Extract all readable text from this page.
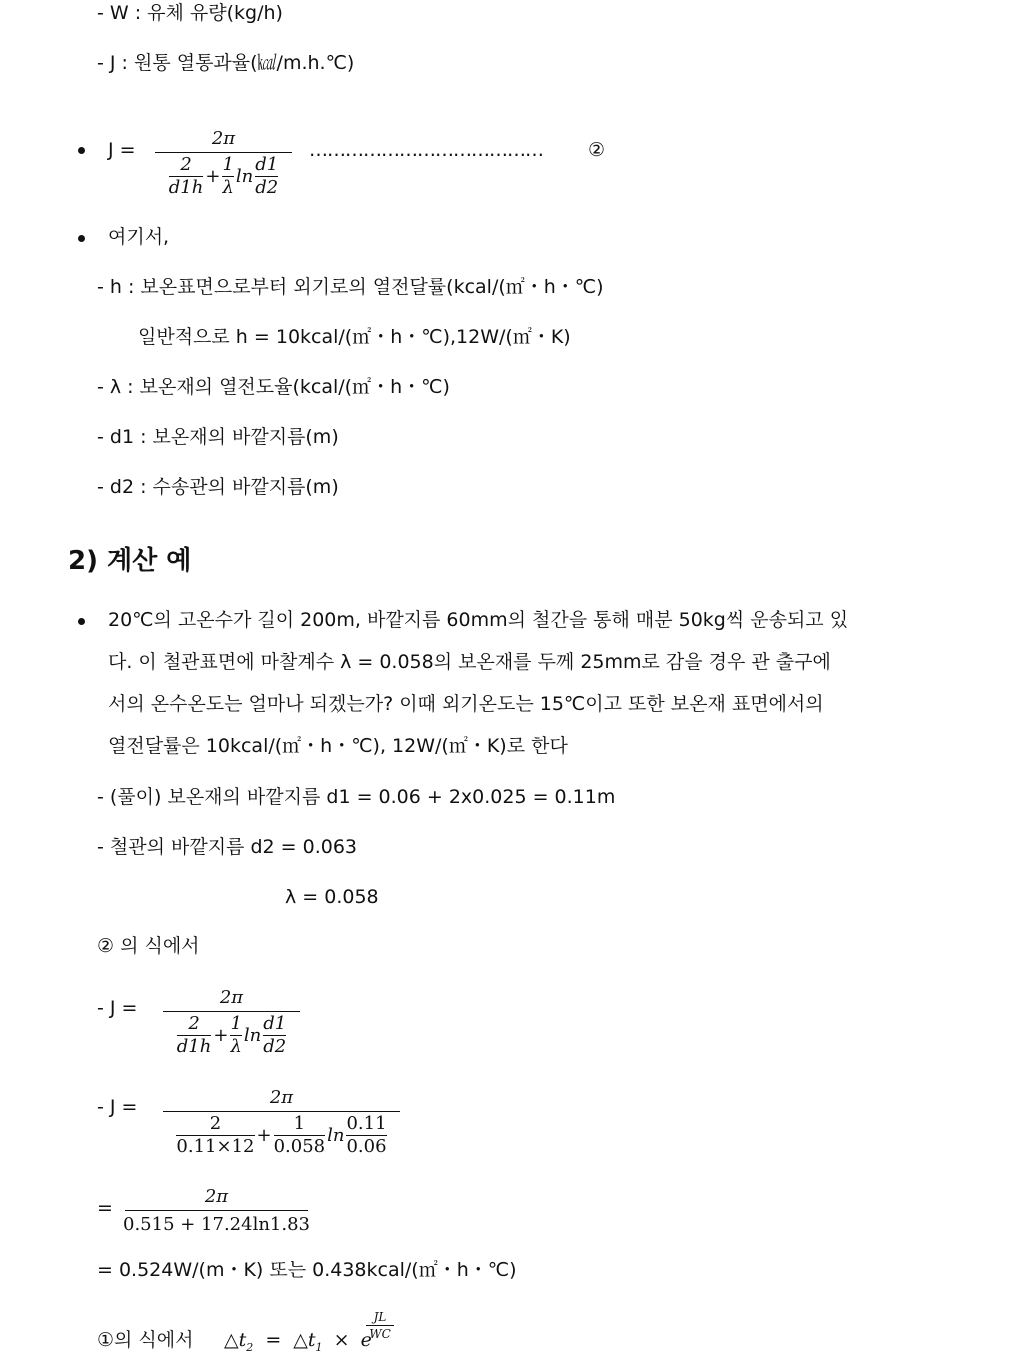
- W : 유체 유량(kg/h)
- J : 원통 열통과율(㎉/m.h.℃)
J =
2π
2
d1h
+
1
λ
ln
d1
d2
………………………………… ②
여기서,
- h : 보온표면으로부터 외기로의 열전달률(kcal/(㎡・h・℃)
일반적으로 h = 10kcal/(㎡・h・℃),12W/(㎡・K)
- λ : 보온재의 열전도율(kcal/(㎡・h・℃)
- d1 : 보온재의 바깥지름(m)
- d2 : 수송관의 바깥지름(m)
2) 계산 예
20℃의 고온수가 길이 200m, 바깥지름 60mm의 철간을 통해 매분 50kg씩 운송되고 있
다. 이 철관표면에 마찰계수 λ = 0.058의 보온재를 두께 25mm로 감을 경우 관 출구에
서의 온수온도는 얼마나 되겠는가? 이때 외기온도는 15℃이고 또한 보온재 표면에서의
열전달률은 10kcal/(㎡・h・℃), 12W/(㎡・K)로 한다
- (풀이) 보온재의 바깥지름 d1 = 0.06 + 2x0.025 = 0.11m
- 철관의 바깥지름 d2 = 0.063
λ = 0.058
② 의 식에서
- J =	2π
2
d1h
+
1
λ
ln
d1
d2
- J =	2π
2
0.11×12
+
1
0.058
ln
0.11
0.06
=
2π
0.515 + 17.24ln1.83
= 0.524W/(m・K) 또는 0.438kcal/(㎡・h・℃)
①의 식에서 $\triangle t_2$ = $\triangle t_1 \times e$
JL
WC
